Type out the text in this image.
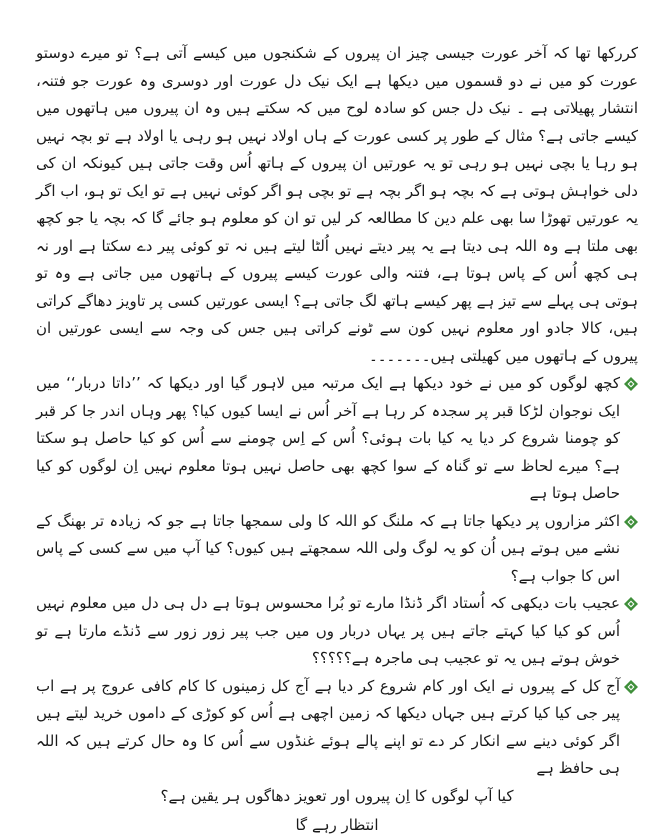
کررکھا تھا کہ آخر عورت جیسی چیز ان پیروں کے شکنجوں میں کیسے آتی ہے؟ تو میرے دوستو عورت کو میں نے دو قسموں میں دیکھا ہے ایک نیک دل عورت اور دوسری وہ عورت جو فتنہ، انتشار پھیلاتی ہے ۔ نیک دل جس کو سادہ لوح میں کہ سکتے ہیں وہ ان پیروں میں ہاتھوں میں کیسے جاتی ہے؟ مثال کے طور پر کسی عورت کے ہاں اولاد نہیں ہو رہی یا اولاد ہے تو بچہ نہیں ہو رہا یا بچی نہیں ہو رہی تو یہ عورتیں ان پیروں کے ہاتھ اُس وقت جاتی ہیں کیونکہ ان کی دلی خواہش ہوتی ہے کہ بچہ ہو اگر بچہ ہے تو بچی ہو اگر کوئی نہیں ہے تو ایک تو ہو، اب اگر یہ عورتیں تھوڑا سا بھی علم دین کا مطالعہ کر لیں تو ان کو معلوم ہو جائے گا کہ بچہ یا جو کچھ بھی ملتا ہے وہ اللہ ہی دیتا ہے یہ پیر دیتے نہیں اُلٹا لیتے ہیں نہ تو کوئی پیر دے سکتا ہے اور نہ ہی کچھ اُس کے پاس ہوتا ہے، فتنہ والی عورت کیسے پیروں کے ہاتھوں میں جاتی ہے وہ تو ہوتی ہی پہلے سے تیز ہے پھر کیسے ہاتھ لگ جاتی ہے؟ ایسی عورتیں کسی پر تاویز دھاگے کراتی ہیں، کالا جادو اور معلوم نہیں کون سے ٹونے کراتی ہیں جس کی وجہ سے ایسی عورتیں ان پیروں کے ہاتھوں میں کھیلتی ہیں۔۔۔۔۔۔۔

کچھ لوگوں کو میں نے خود دیکھا ہے ایک مرتبہ میں لاہور گیا اور دیکھا کہ ’’داتا دربار‘‘ میں ایک نوجوان لڑکا قبر پر سجدہ کر رہا ہے آخر اُس نے ایسا کیوں کیا؟ پھر وہاں اندر جا کر قبر کو چومنا شروع کر دیا یہ کیا بات ہوئی؟ اُس کے اِس چومنے سے اُس کو کیا حاصل ہو سکتا ہے؟ میرے لحاظ سے تو گناہ کے سوا کچھ بھی حاصل نہیں ہوتا معلوم نہیں اِن لوگوں کو کیا حاصل ہوتا ہے

اکثر مزاروں پر دیکھا جاتا ہے کہ ملنگ کو اللہ کا ولی سمجھا جاتا ہے جو کہ زیادہ تر بھنگ کے نشے میں ہوتے ہیں اُن کو یہ لوگ ولی اللہ سمجھتے ہیں کیوں؟ کیا آپ میں سے کسی کے پاس اس کا جواب ہے؟

عجیب بات دیکھی کہ اُستاد اگر ڈنڈا مارے تو بُرا محسوس ہوتا ہے دل ہی دل میں معلوم نہیں اُس کو کیا کیا کہتے جاتے ہیں پر یہاں دربار وں میں جب پیر زور زور سے ڈنڈے مارتا ہے تو خوش ہوتے ہیں یہ تو عجیب ہی ماجرہ ہے؟؟؟؟؟

آج کل کے پیروں نے ایک اور کام شروع کر دیا ہے آج کل زمینوں کا کام کافی عروج پر ہے اب پیر جی کیا کیا کرتے ہیں جہاں دیکھا کہ زمین اچھی ہے اُس کو کوڑی کے داموں خرید لیتے ہیں اگر کوئی دینے سے انکار کر دے تو اپنے پالے ہوئے غنڈوں سے اُس کا وہ حال کرتے ہیں کہ اللہ ہی حافظ ہے

کیا آپ لوگوں کا اِن پیروں اور تعویز دھاگوں ہر یقین ہے؟

انتظار رہے گا
